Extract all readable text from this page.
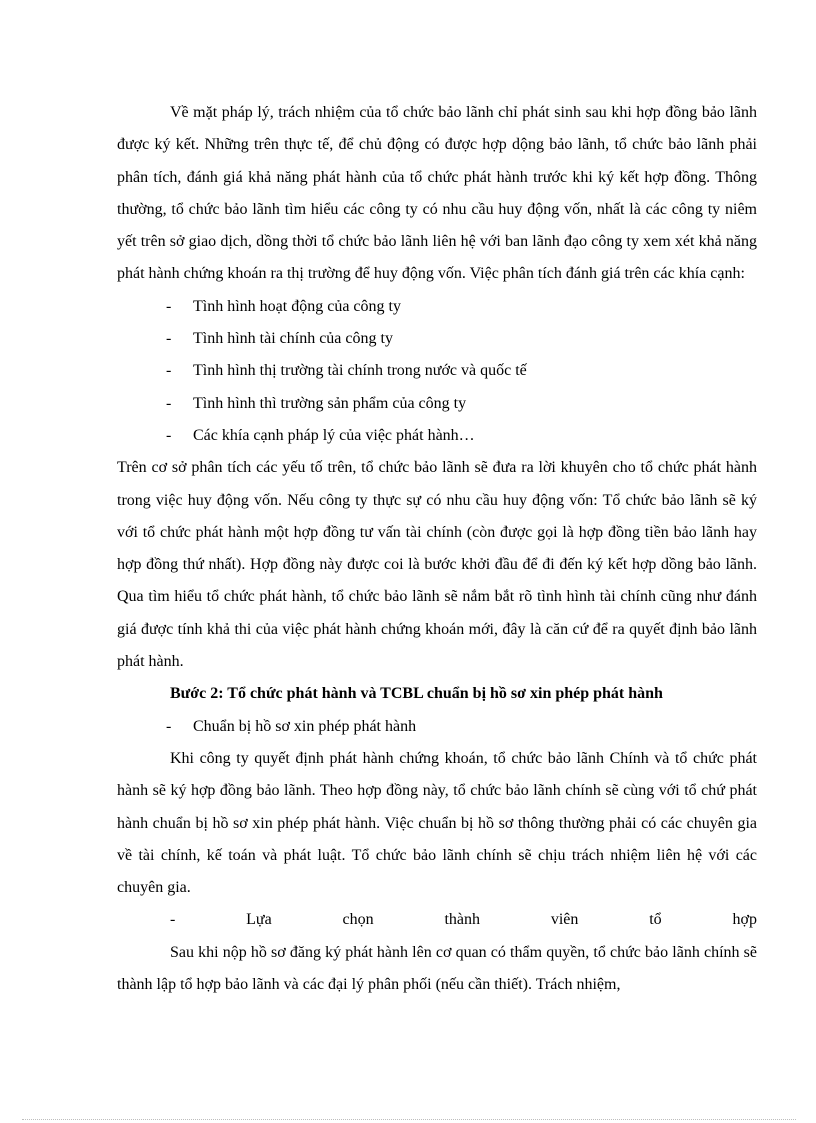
Về mặt pháp lý, trách nhiệm của tổ chức bảo lãnh chỉ phát sinh sau khi hợp đồng bảo lãnh được ký kết. Những trên thực tế, để chủ động có được hợp dộng bảo lãnh, tổ chức bảo lãnh phải phân tích, đánh giá khả năng phát hành của tổ chức phát hành trước khi ký kết hợp đồng. Thông thường, tổ chức bảo lãnh tìm hiểu các công ty có nhu cầu huy động vốn, nhất là các công ty niêm yết trên sở giao dịch, dồng thời tổ chức bảo lãnh liên hệ với ban lãnh đạo công ty xem xét khả năng phát hành chứng khoán ra thị trường để huy động vốn. Việc phân tích đánh giá trên các khía cạnh:

- Tình hình hoạt động của công ty

- Tình hình tài chính của công ty

- Tình hình thị trường tài chính trong nước và quốc tế

- Tình hình thì trường sản phẩm của công ty

- Các khía cạnh pháp lý của việc phát hành…

Trên cơ sở phân tích các yếu tố trên, tổ chức bảo lãnh sẽ đưa ra lời khuyên cho tổ chức phát hành trong việc huy động vốn. Nếu công ty thực sự có nhu cầu huy động vốn: Tổ chức bảo lãnh sẽ ký với tổ chức phát hành một hợp đồng tư vấn tài chính (còn được gọi là hợp đồng tiền bảo lãnh hay hợp đồng thứ nhất). Hợp đồng này được coi là bước khởi đầu để đi đến ký kết hợp dồng bảo lãnh. Qua tìm hiểu tổ chức phát hành, tổ chức bảo lãnh sẽ nắm bắt rõ tình hình tài chính cũng như đánh giá được tính khả thi của việc phát hành chứng khoán mới, đây là căn cứ để ra quyết định bảo lãnh phát hành.

Bước 2: Tổ chức phát hành và TCBL chuẩn bị hồ sơ xin phép phát hành

- Chuẩn bị hồ sơ xin phép phát hành

Khi công ty quyết định phát hành chứng khoán, tổ chức bảo lãnh Chính và tổ chức phát hành sẽ ký hợp đồng bảo lãnh. Theo hợp đồng này, tổ chức bảo lãnh chính sẽ cùng với tổ chứ phát hành chuẩn bị hồ sơ xin phép phát hành. Việc chuẩn bị hồ sơ thông thường phải có các chuyên gia về tài chính, kế toán và phát luật. Tổ chức bảo lãnh chính sẽ chịu trách nhiệm liên hệ với các chuyên gia.

-	Lựa	chọn	thành	viên	tổ	hợp

Sau khi nộp hồ sơ đăng ký phát hành lên cơ quan có thẩm quyền, tổ chức bảo lãnh chính sẽ thành lập tổ hợp bảo lãnh và các đại lý phân phối (nếu cần thiết). Trách nhiệm,
